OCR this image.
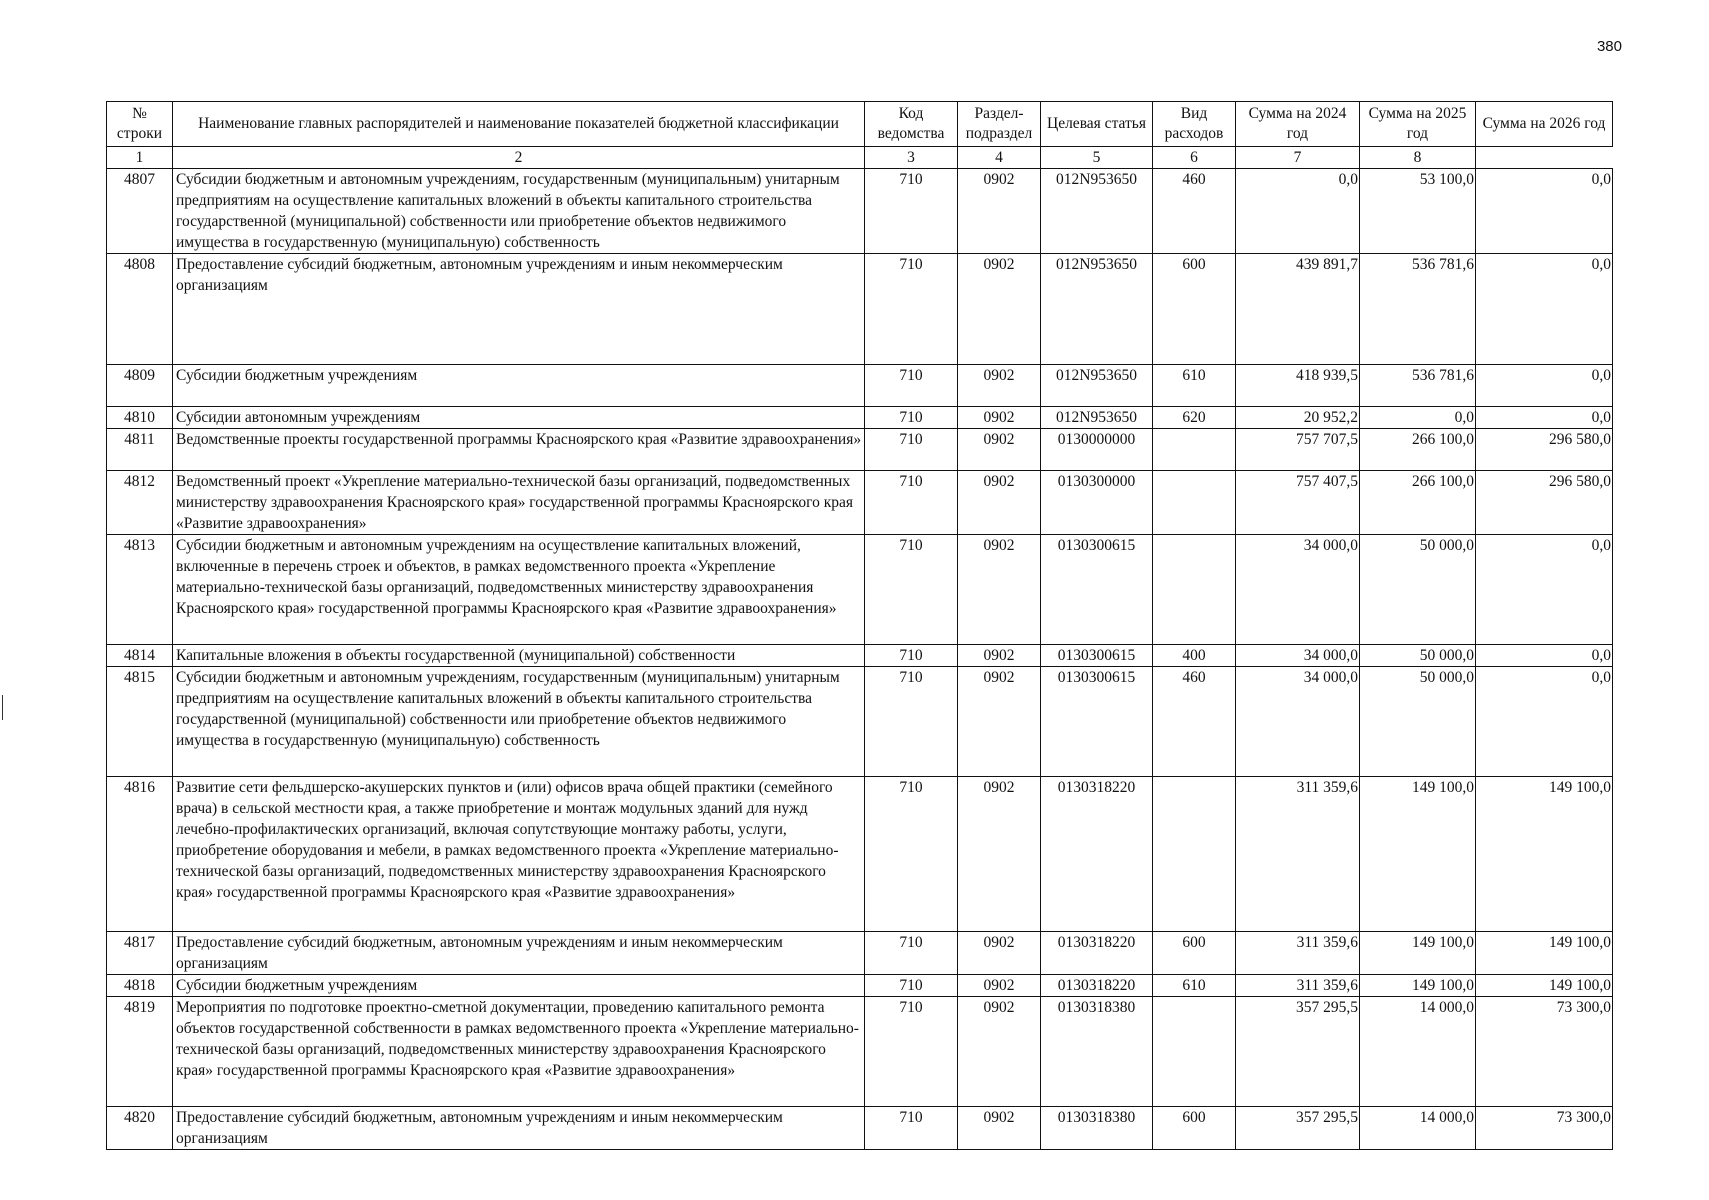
380
№ строки	Наименование главных распорядителей и наименование показателей бюджетной классификации	Код ведомства	Раздел-подраздел	Целевая статья	Вид расходов	Сумма на 2024 год	Сумма на 2025 год	Сумма на 2026 год
1	2	3	4	5	6	7	8	
4807	Субсидии бюджетным и автономным учреждениям, государственным (муниципальным) унитарным предприятиям на осуществление капитальных вложений в объекты капитального строительства государственной (муниципальной) собственности или приобретение объектов недвижимого имущества в государственную (муниципальную) собственность	710	0902	012N953650	460	0,0	53 100,0	0,0
4808	Предоставление субсидий бюджетным, автономным учреждениям и иным некоммерческим организациям	710	0902	012N953650	600	439 891,7	536 781,6	0,0
4809	Субсидии бюджетным учреждениям	710	0902	012N953650	610	418 939,5	536 781,6	0,0
4810	Субсидии автономным учреждениям	710	0902	012N953650	620	20 952,2	0,0	0,0
4811	Ведомственные проекты государственной программы Красноярского края «Развитие здравоохранения»	710	0902	0130000000		757 707,5	266 100,0	296 580,0
4812	Ведомственный проект «Укрепление материально-технической базы организаций, подведомственных министерству здравоохранения Красноярского края» государственной программы Красноярского края «Развитие здравоохранения»	710	0902	0130300000		757 407,5	266 100,0	296 580,0
4813	Субсидии бюджетным и автономным учреждениям на осуществление капитальных вложений, включенные в перечень строек и объектов, в рамках ведомственного проекта «Укрепление материально-технической базы организаций, подведомственных министерству здравоохранения Красноярского края» государственной программы Красноярского края «Развитие здравоохранения»	710	0902	0130300615		34 000,0	50 000,0	0,0
4814	Капитальные вложения в объекты государственной (муниципальной) собственности	710	0902	0130300615	400	34 000,0	50 000,0	0,0
4815	Субсидии бюджетным и автономным учреждениям, государственным (муниципальным) унитарным предприятиям на осуществление капитальных вложений в объекты капитального строительства государственной (муниципальной) собственности или приобретение объектов недвижимого имущества в государственную (муниципальную) собственность	710	0902	0130300615	460	34 000,0	50 000,0	0,0
4816	Развитие сети фельдшерско-акушерских пунктов и (или) офисов врача общей практики (семейного врача) в сельской местности края, а также приобретение и монтаж модульных зданий для нужд лечебно-профилактических организаций, включая сопутствующие монтажу работы, услуги, приобретение оборудования и мебели, в рамках ведомственного проекта «Укрепление материально-технической базы организаций, подведомственных министерству здравоохранения Красноярского края» государственной программы Красноярского края «Развитие здравоохранения»	710	0902	0130318220		311 359,6	149 100,0	149 100,0
4817	Предоставление субсидий бюджетным, автономным учреждениям и иным некоммерческим организациям	710	0902	0130318220	600	311 359,6	149 100,0	149 100,0
4818	Субсидии бюджетным учреждениям	710	0902	0130318220	610	311 359,6	149 100,0	149 100,0
4819	Мероприятия по подготовке проектно-сметной документации, проведению капитального ремонта объектов государственной собственности в рамках ведомственного проекта «Укрепление материально-технической базы организаций, подведомственных министерству здравоохранения Красноярского края» государственной программы Красноярского края «Развитие здравоохранения»	710	0902	0130318380		357 295,5	14 000,0	73 300,0
4820	Предоставление субсидий бюджетным, автономным учреждениям и иным некоммерческим организациям	710	0902	0130318380	600	357 295,5	14 000,0	73 300,0
